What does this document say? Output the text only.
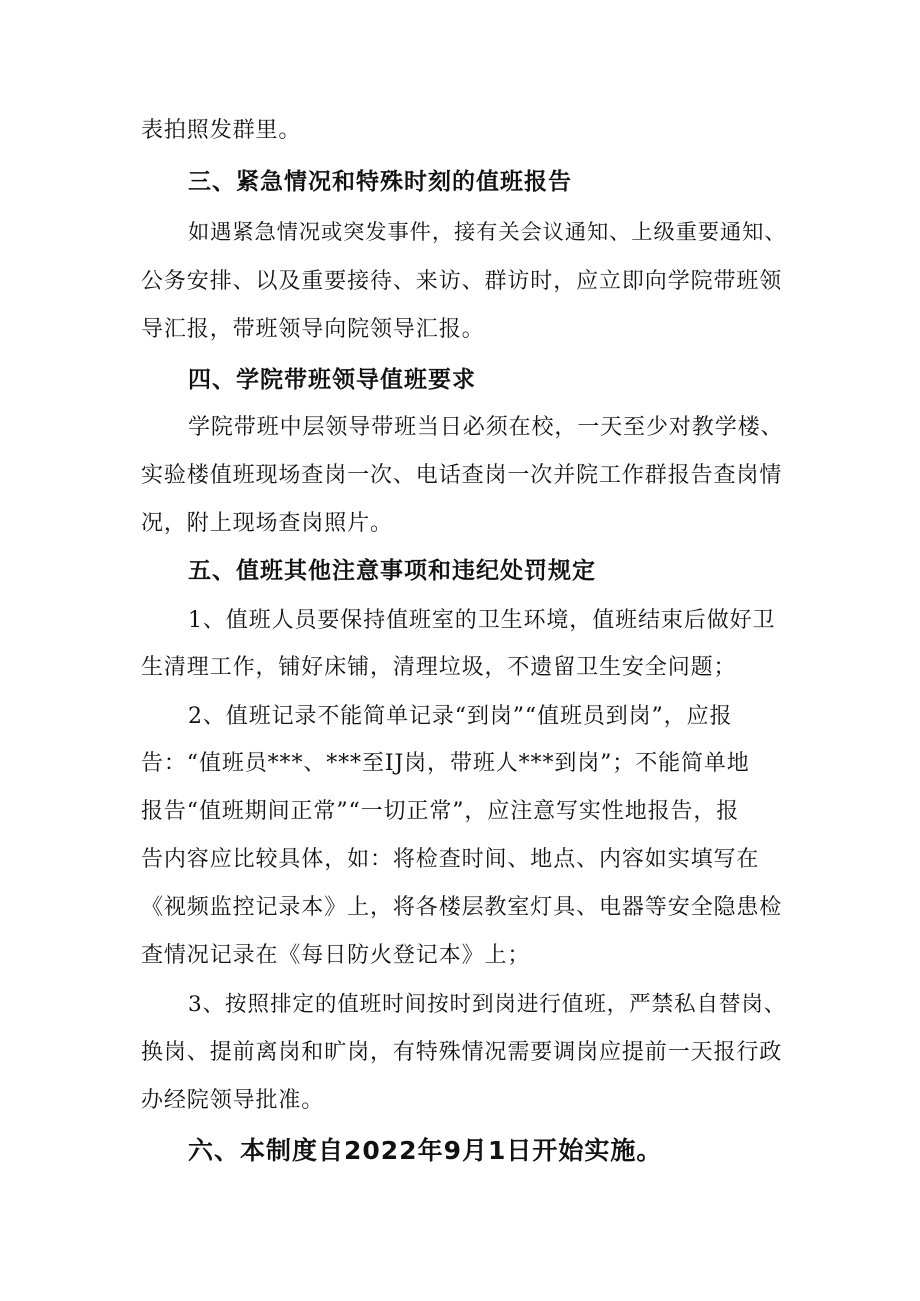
表拍照发群里。
三、紧急情况和特殊时刻的值班报告
如遇紧急情况或突发事件，接有关会议通知、上级重要通知、
公务安排、以及重要接待、来访、群访时，应立即向学院带班领
导汇报，带班领导向院领导汇报。
四、学院带班领导值班要求
学院带班中层领导带班当日必须在校，一天至少对教学楼、
实验楼值班现场查岗一次、电话查岗一次并院工作群报告查岗情
况，附上现场查岗照片。
五、值班其他注意事项和违纪处罚规定
1、值班人员要保持值班室的卫生环境，值班结束后做好卫
生清理工作，铺好床铺，清理垃圾，不遗留卫生安全问题；
2、值班记录不能简单记录“到岗”“值班员到岗”，应报
告：“值班员***、***至IJ岗，带班人***到岗”；不能简单地
报告“值班期间正常”“一切正常”，应注意写实性地报告，报
告内容应比较具体，如：将检查时间、地点、内容如实填写在
《视频监控记录本》上，将各楼层教室灯具、电器等安全隐患检
查情况记录在《每日防火登记本》上；
3、按照排定的值班时间按时到岗进行值班，严禁私自替岗、
换岗、提前离岗和旷岗，有特殊情况需要调岗应提前一天报行政
办经院领导批准。
六、本制度自2022年9月1日开始实施。
